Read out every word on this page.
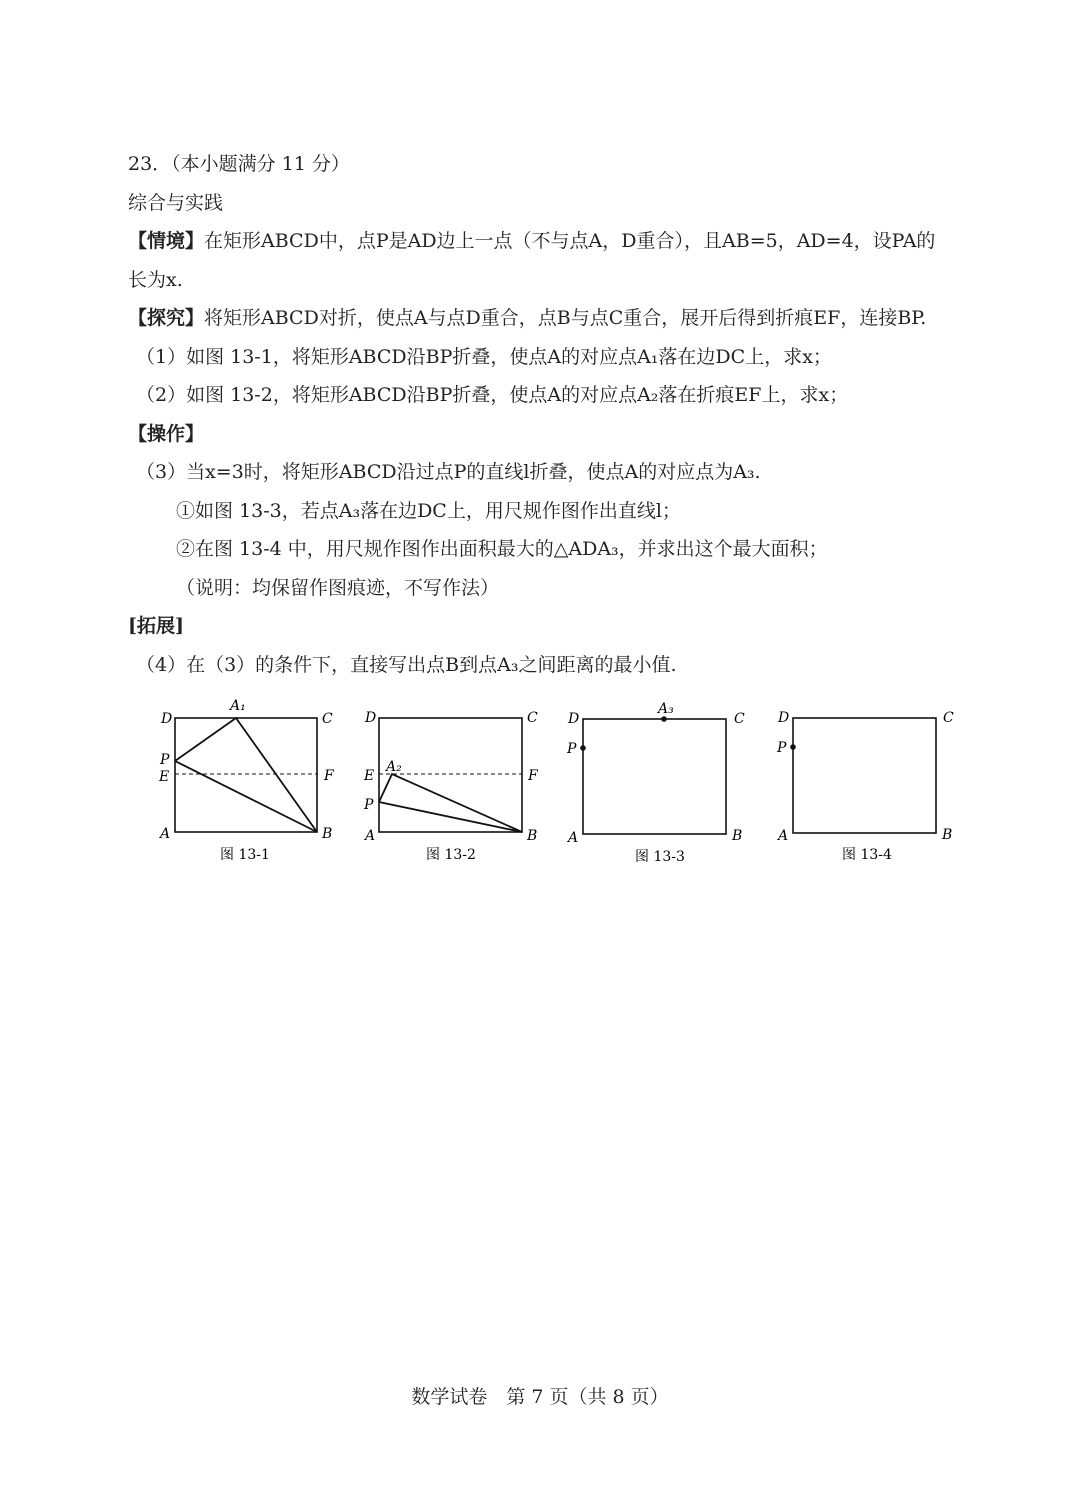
23．（本小题满分 11 分）
综合与实践
【情境】在矩形ABCD中，点P是AD边上一点（不与点A，D重合），且AB=5，AD=4，设PA的
长为x.
【探究】将矩形ABCD对折，使点A与点D重合，点B与点C重合，展开后得到折痕EF，连接BP.
（1）如图 13-1，将矩形ABCD沿BP折叠，使点A的对应点A₁落在边DC上，求x；
（2）如图 13-2，将矩形ABCD沿BP折叠，使点A的对应点A₂落在折痕EF上，求x；
【操作】
（3）当x=3时，将矩形ABCD沿过点P的直线l折叠，使点A的对应点为A₃.
①如图 13-3，若点A₃落在边DC上，用尺规作图作出直线l；
②在图 13-4 中，用尺规作图作出面积最大的△ADA₃，并求出这个最大面积；
（说明：均保留作图痕迹，不写作法）
[拓展]
（4）在（3）的条件下，直接写出点B到点A₃之间距离的最小值.
D
A₁
C
P
E	F
A	B
图 13-1
D	C
E
A₂
F
P
A	B
图 13-2
D
A₃
C
P
A	B
图 13-3
D	C
P
A	B
图 13-4
数学试卷　第 7 页（共 8 页）
